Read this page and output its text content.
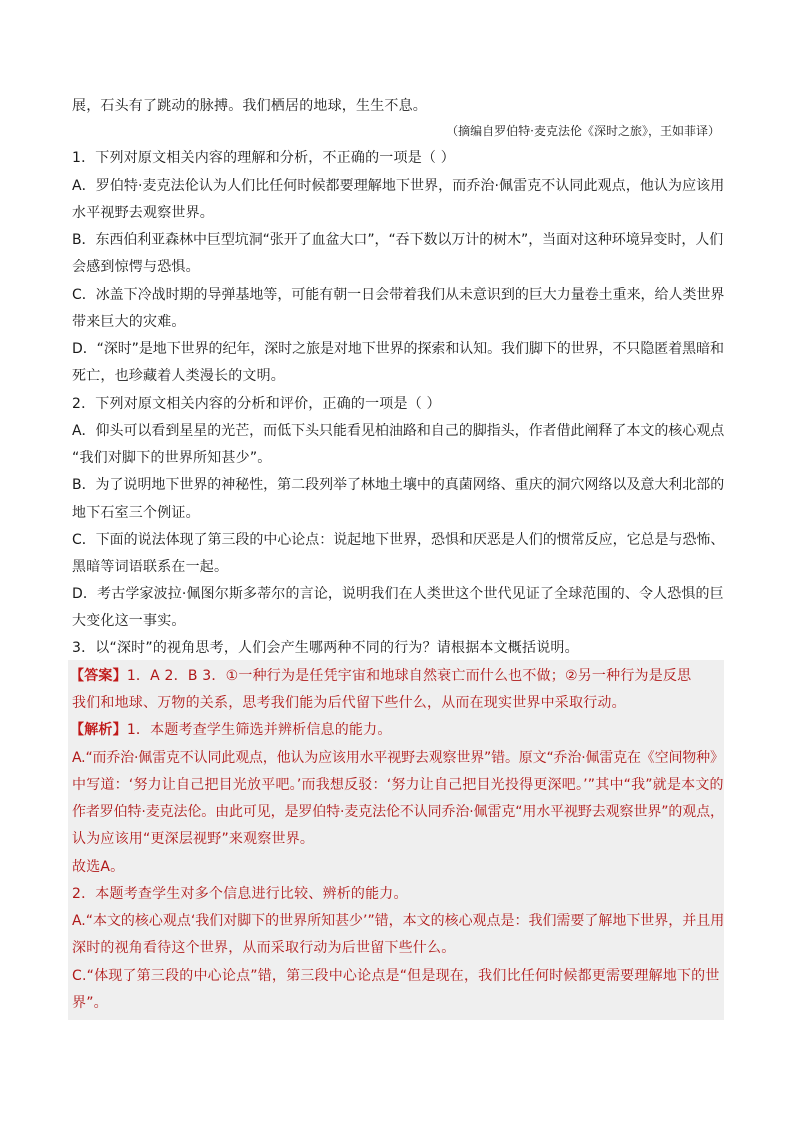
展，石头有了跳动的脉搏。我们栖居的地球，生生不息。
（摘编自罗伯特·麦克法伦《深时之旅》，王如菲译）
1．下列对原文相关内容的理解和分析，不正确的一项是（ ）
A．罗伯特·麦克法伦认为人们比任何时候都要理解地下世界，而乔治·佩雷克不认同此观点，他认为应该用
水平视野去观察世界。
B．东西伯利亚森林中巨型坑洞“张开了血盆大口”，“吞下数以万计的树木”，当面对这种环境异变时，人们
会感到惊愕与恐惧。
C．冰盖下冷战时期的导弹基地等，可能有朝一日会带着我们从未意识到的巨大力量卷土重来，给人类世界
带来巨大的灾难。
D．“深时”是地下世界的纪年，深时之旅是对地下世界的探索和认知。我们脚下的世界，不只隐匿着黑暗和
死亡，也珍藏着人类漫长的文明。
2．下列对原文相关内容的分析和评价，正确的一项是（ ）
A．仰头可以看到星星的光芒，而低下头只能看见柏油路和自己的脚指头，作者借此阐释了本文的核心观点
“我们对脚下的世界所知甚少”。
B．为了说明地下世界的神秘性，第二段列举了林地土壤中的真菌网络、重庆的洞穴网络以及意大利北部的
地下石室三个例证。
C．下面的说法体现了第三段的中心论点：说起地下世界，恐惧和厌恶是人们的惯常反应，它总是与恐怖、
黑暗等词语联系在一起。
D．考古学家波拉·佩图尔斯多蒂尔的言论，说明我们在人类世这个世代见证了全球范围的、令人恐惧的巨
大变化这一事实。
3．以“深时”的视角思考，人们会产生哪两种不同的行为？请根据本文概括说明。
【答案】1．A 2．B 3．①一种行为是任凭宇宙和地球自然衰亡而什么也不做；②另一种行为是反思
我们和地球、万物的关系，思考我们能为后代留下些什么，从而在现实世界中采取行动。
【解析】1．本题考查学生筛选并辨析信息的能力。
A.“而乔治·佩雷克不认同此观点，他认为应该用水平视野去观察世界”错。原文“乔治·佩雷克在《空间物种》
中写道：‘努力让自己把目光放平吧。’而我想反驳：‘努力让自己把目光投得更深吧。’”其中“我”就是本文的
作者罗伯特·麦克法伦。由此可见，是罗伯特·麦克法伦不认同乔治·佩雷克“用水平视野去观察世界”的观点，
认为应该用“更深层视野”来观察世界。
故选A。
2．本题考查学生对多个信息进行比较、辨析的能力。
A.“本文的核心观点‘我们对脚下的世界所知甚少’”错，本文的核心观点是：我们需要了解地下世界，并且用
深时的视角看待这个世界，从而采取行动为后世留下些什么。
C.“体现了第三段的中心论点”错，第三段中心论点是“但是现在，我们比任何时候都更需要理解地下的世
界”。
